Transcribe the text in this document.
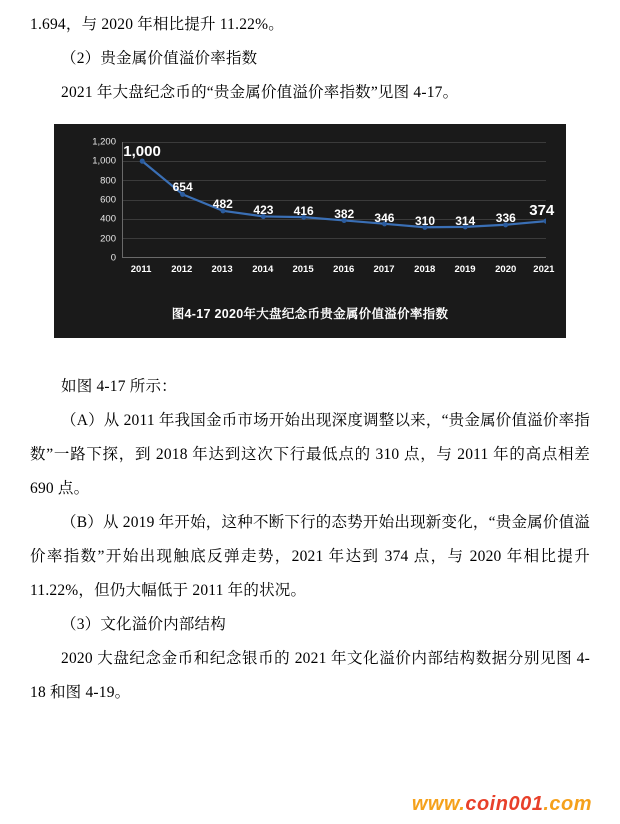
1.694，与 2020 年相比提升 11.22%。

（2）贵金属价值溢价率指数

2021 年大盘纪念币的“贵金属价值溢价率指数”见图 4-17。

1,000
654
482 423 416 382 346 310 314 336 374
1,200
1,000
800
600
400
200
0
2011 2012 2013 2014 2015 2016 2017 2018 2019 2020 2021
图4-17 2020年大盘纪念币贵金属价值溢价率指数

如图 4-17 所示：

（A）从 2011 年我国金币市场开始出现深度调整以来，“贵金属价值溢价率指数”一路下探，到 2018 年达到这次下行最低点的 310 点，与 2011 年的高点相差 690 点。

（B）从 2019 年开始，这种不断下行的态势开始出现新变化，“贵金属价值溢价率指数”开始出现触底反弹走势，2021 年达到 374 点，与 2020 年相比提升 11.22%，但仍大幅低于 2011 年的状况。

（3）文化溢价内部结构

2020 大盘纪念金币和纪念银币的 2021 年文化溢价内部结构数据分别见图 4-18 和图 4-19。

www.coin001.com
